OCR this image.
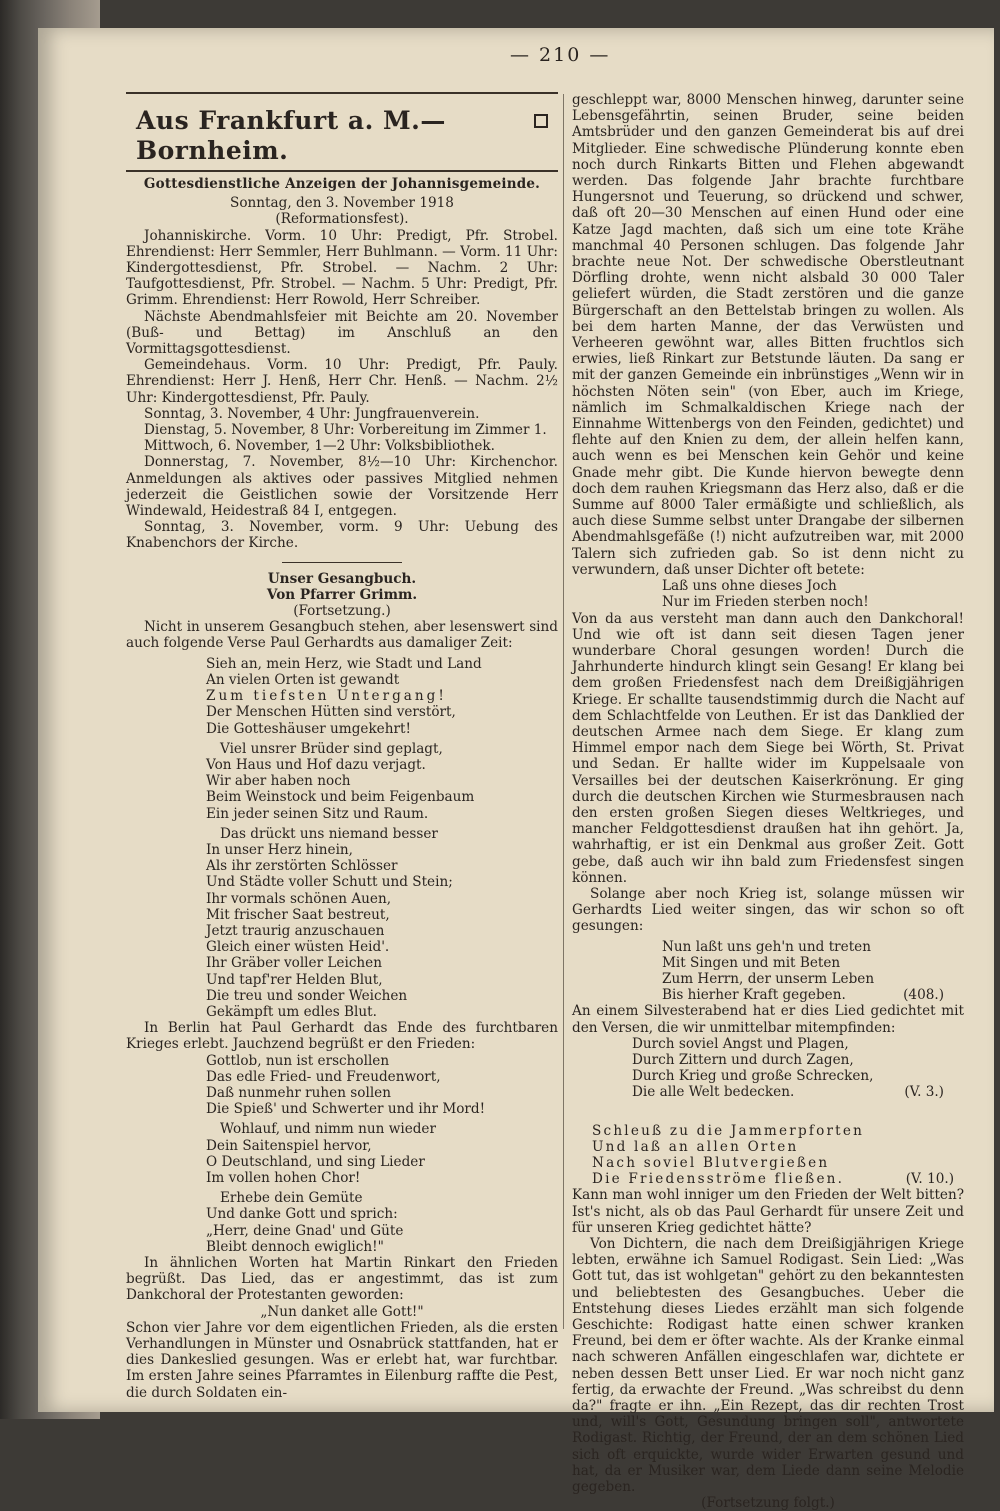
— 210 —
Aus Frankfurt a. M.—Bornheim.
Gottesdienstliche Anzeigen der Johannisgemeinde.
Sonntag, den 3. November 1918
(Reformationsfest).

Johanniskirche. Vorm. 10 Uhr: Predigt, Pfr. Strobel. Ehrendienst: Herr Semmler, Herr Buhlmann. — Vorm. 11 Uhr: Kindergottesdienst, Pfr. Strobel. — Nachm. 2 Uhr: Taufgottesdienst, Pfr. Strobel. — Nachm. 5 Uhr: Predigt, Pfr. Grimm. Ehrendienst: Herr Rowold, Herr Schreiber.

Nächste Abendmahlsfeier mit Beichte am 20. November (Buß- und Bettag) im Anschluß an den Vormittagsgottesdienst.

Gemeindehaus. Vorm. 10 Uhr: Predigt, Pfr. Pauly. Ehrendienst: Herr J. Henß, Herr Chr. Henß. — Nachm. 2½ Uhr: Kindergottesdienst, Pfr. Pauly.

Sonntag, 3. November, 4 Uhr: Jungfrauenverein.

Dienstag, 5. November, 8 Uhr: Vorbereitung im Zimmer 1.

Mittwoch, 6. November, 1—2 Uhr: Volksbibliothek.

Donnerstag, 7. November, 8½—10 Uhr: Kirchenchor. Anmeldungen als aktives oder passives Mitglied nehmen jederzeit die Geistlichen sowie der Vorsitzende Herr Windewald, Heidestraß 84 I, entgegen.

Sonntag, 3. November, vorm. 9 Uhr: Uebung des Knabenchors der Kirche.

Unser Gesangbuch.
Von Pfarrer Grimm.
(Fortsetzung.)

Nicht in unserem Gesangbuch stehen, aber lesenswert sind auch folgende Verse Paul Gerhardts aus damaliger Zeit:

Sieh an, mein Herz, wie Stadt und Land
An vielen Orten ist gewandt
Zum tiefsten Untergang!
Der Menschen Hütten sind verstört,
Die Gotteshäuser umgekehrt!
Viel unsrer Brüder sind geplagt,
Von Haus und Hof dazu verjagt.
Wir aber haben noch
Beim Weinstock und beim Feigenbaum
Ein jeder seinen Sitz und Raum.
Das drückt uns niemand besser
In unser Herz hinein,
Als ihr zerstörten Schlösser
Und Städte voller Schutt und Stein;
Ihr vormals schönen Auen,
Mit frischer Saat bestreut,
Jetzt traurig anzuschauen
Gleich einer wüsten Heid'.
Ihr Gräber voller Leichen
Und tapf'rer Helden Blut,
Die treu und sonder Weichen
Gekämpft um edles Blut.

In Berlin hat Paul Gerhardt das Ende des furchtbaren Krieges erlebt. Jauchzend begrüßt er den Frieden:

Gottlob, nun ist erschollen
Das edle Fried- und Freudenwort,
Daß nunmehr ruhen sollen
Die Spieß' und Schwerter und ihr Mord!
Wohlauf, und nimm nun wieder
Dein Saitenspiel hervor,
O Deutschland, und sing Lieder
Im vollen hohen Chor!
Erhebe dein Gemüte
Und danke Gott und sprich:
„Herr, deine Gnad' und Güte
Bleibt dennoch ewiglich!"

In ähnlichen Worten hat Martin Rinkart den Frieden begrüßt. Das Lied, das er angestimmt, das ist zum Dankchoral der Protestanten geworden:

„Nun danket alle Gott!"

Schon vier Jahre vor dem eigentlichen Frieden, als die ersten Verhandlungen in Münster und Osnabrück stattfanden, hat er dies Dankeslied gesungen. Was er erlebt hat, war furchtbar. Im ersten Jahre seines Pfarramtes in Eilenburg raffte die Pest, die durch Soldaten ein-

geschleppt war, 8000 Menschen hinweg, darunter seine Lebensgefährtin, seinen Bruder, seine beiden Amtsbrüder und den ganzen Gemeinderat bis auf drei Mitglieder. Eine schwedische Plünderung konnte eben noch durch Rinkarts Bitten und Flehen abgewandt werden. Das folgende Jahr brachte furchtbare Hungersnot und Teuerung, so drückend und schwer, daß oft 20—30 Menschen auf einen Hund oder eine Katze Jagd machten, daß sich um eine tote Krähe manchmal 40 Personen schlugen. Das folgende Jahr brachte neue Not. Der schwedische Oberstleutnant Dörfling drohte, wenn nicht alsbald 30 000 Taler geliefert würden, die Stadt zerstören und die ganze Bürgerschaft an den Bettelstab bringen zu wollen. Als bei dem harten Manne, der das Verwüsten und Verheeren gewöhnt war, alles Bitten fruchtlos sich erwies, ließ Rinkart zur Betstunde läuten. Da sang er mit der ganzen Gemeinde ein inbrünstiges „Wenn wir in höchsten Nöten sein" (von Eber, auch im Kriege, nämlich im Schmalkaldischen Kriege nach der Einnahme Wittenbergs von den Feinden, gedichtet) und flehte auf den Knien zu dem, der allein helfen kann, auch wenn es bei Menschen kein Gehör und keine Gnade mehr gibt. Die Kunde hiervon bewegte denn doch dem rauhen Kriegsmann das Herz also, daß er die Summe auf 8000 Taler ermäßigte und schließlich, als auch diese Summe selbst unter Drangabe der silbernen Abendmahlsgefäße (!) nicht aufzutreiben war, mit 2000 Talern sich zufrieden gab. So ist denn nicht zu verwundern, daß unser Dichter oft betete:

Laß uns ohne dieses Joch
Nur im Frieden sterben noch!

Von da aus versteht man dann auch den Dankchoral! Und wie oft ist dann seit diesen Tagen jener wunderbare Choral gesungen worden! Durch die Jahrhunderte hindurch klingt sein Gesang! Er klang bei dem großen Friedensfest nach dem Dreißigjährigen Kriege. Er schallte tausendstimmig durch die Nacht auf dem Schlachtfelde von Leuthen. Er ist das Danklied der deutschen Armee nach dem Siege. Er klang zum Himmel empor nach dem Siege bei Wörth, St. Privat und Sedan. Er hallte wider im Kuppelsaale von Versailles bei der deutschen Kaiserkrönung. Er ging durch die deutschen Kirchen wie Sturmesbrausen nach den ersten großen Siegen dieses Weltkrieges, und mancher Feldgottesdienst draußen hat ihn gehört. Ja, wahrhaftig, er ist ein Denkmal aus großer Zeit. Gott gebe, daß auch wir ihn bald zum Friedensfest singen können.

Solange aber noch Krieg ist, solange müssen wir Gerhardts Lied weiter singen, das wir schon so oft gesungen:

Nun laßt uns geh'n und treten
Mit Singen und mit Beten
Zum Herrn, der unserm Leben
Bis hierher Kraft gegeben.	(408.)

An einem Silvesterabend hat er dies Lied gedichtet mit den Versen, die wir unmittelbar mitempfinden:

Durch soviel Angst und Plagen,
Durch Zittern und durch Zagen,
Durch Krieg und große Schrecken,
Die alle Welt bedecken.	(V. 3.)
Schleuß zu die Jammerpforten
Und laß an allen Orten
Nach soviel Blutvergießen
Die Friedensströme fließen.	(V. 10.)

Kann man wohl inniger um den Frieden der Welt bitten? Ist's nicht, als ob das Paul Gerhardt für unsere Zeit und für unseren Krieg gedichtet hätte?

Von Dichtern, die nach dem Dreißigjährigen Kriege lebten, erwähne ich Samuel Rodigast. Sein Lied: „Was Gott tut, das ist wohlgetan" gehört zu den bekanntesten und beliebtesten des Gesangbuches. Ueber die Entstehung dieses Liedes erzählt man sich folgende Geschichte: Rodigast hatte einen schwer kranken Freund, bei dem er öfter wachte. Als der Kranke einmal nach schweren Anfällen eingeschlafen war, dichtete er neben dessen Bett unser Lied. Er war noch nicht ganz fertig, da erwachte der Freund. „Was schreibst du denn da?" fragte er ihn. „Ein Rezept, das dir rechten Trost und, will's Gott, Gesundung bringen soll", antwortete Rodigast. Richtig, der Freund, der an dem schönen Lied sich oft erquickte, wurde wider Erwarten gesund und hat, da er Musiker war, dem Liede dann seine Melodie gegeben.

(Fortsetzung folgt.)
